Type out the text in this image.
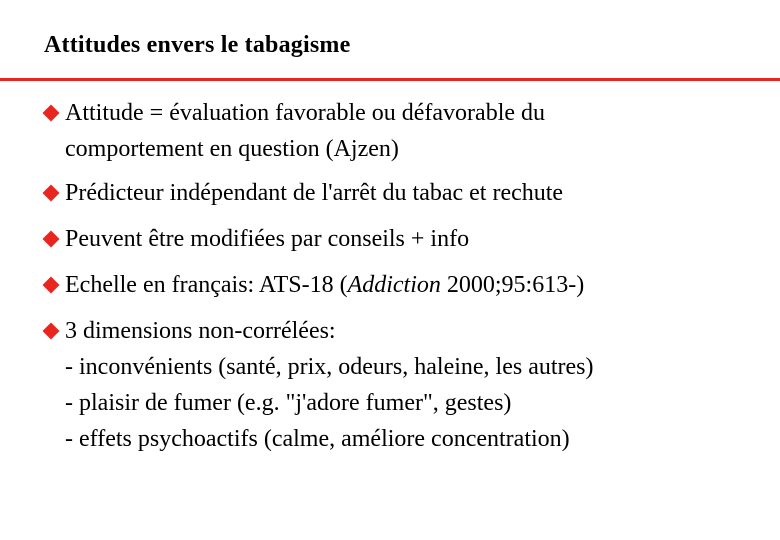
Attitudes envers le tabagisme
Attitude = évaluation favorable ou défavorable du
comportement en question (Ajzen)
Prédicteur indépendant de l'arrêt du tabac et rechute
Peuvent être modifiées par conseils + info
Echelle en français: ATS-18 (Addiction 2000;95:613-)
3 dimensions non-corrélées:
- inconvénients (santé, prix, odeurs, haleine, les autres)
- plaisir de fumer (e.g. "j'adore fumer", gestes)
- effets psychoactifs (calme, améliore concentration)
